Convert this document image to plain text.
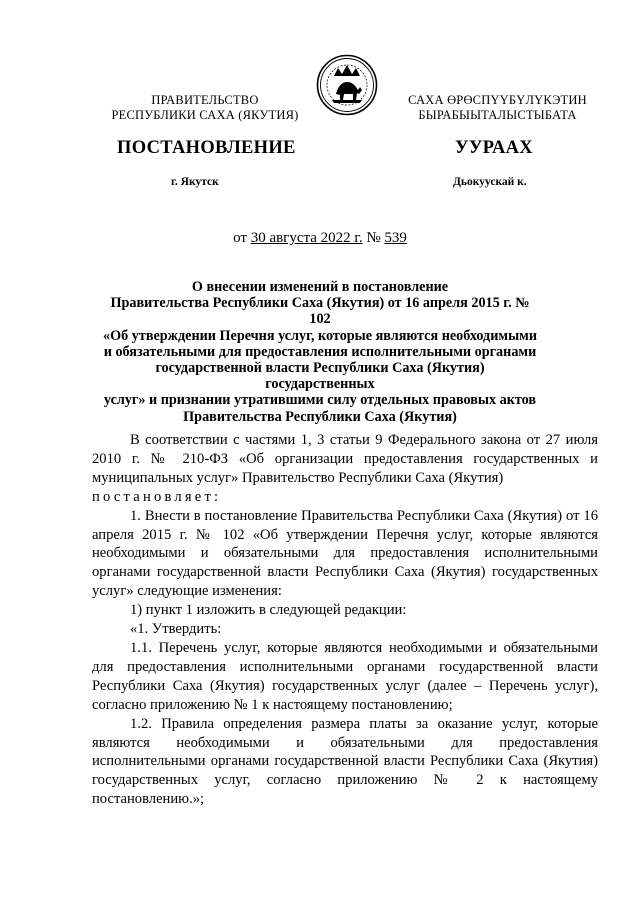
ПРАВИТЕЛЬСТВО
РЕСПУБЛИКИ САХА (ЯКУТИЯ)
САХА ӨРӨСПҮҮБҮЛҮКЭТИН
БЫРАБЫЫТАЛЫСТЫБАТА
ПОСТАНОВЛЕНИЕ	УУРААХ
г. Якутск	Дьокуускай к.
от 30 августа 2022 г. № 539
О внесении изменений в постановление
Правительства Республики Саха (Якутия) от 16 апреля 2015 г. № 102
«Об утверждении Перечня услуг, которые являются необходимыми
и обязательными для предоставления исполнительными органами
государственной власти Республики Саха (Якутия) государственных
услуг» и признании утратившими силу отдельных правовых актов
Правительства Республики Саха (Якутия)

В соответствии с частями 1, 3 статьи 9 Федерального закона от 27 июля 2010 г. № 210-ФЗ «Об организации предоставления государственных и муниципальных услуг» Правительство Республики Саха (Якутия)

постановляет:

1. Внести в постановление Правительства Республики Саха (Якутия) от 16 апреля 2015 г. № 102 «Об утверждении Перечня услуг, которые являются необходимыми и обязательными для предоставления исполнительными органами государственной власти Республики Саха (Якутия) государственных услуг» следующие изменения:

1) пункт 1 изложить в следующей редакции:

«1. Утвердить:

1.1. Перечень услуг, которые являются необходимыми и обязательными для предоставления исполнительными органами государственной власти Республики Саха (Якутия) государственных услуг (далее – Перечень услуг), согласно приложению № 1 к настоящему постановлению;

1.2. Правила определения размера платы за оказание услуг, которые являются необходимыми и обязательными для предоставления исполнительными органами государственной власти Республики Саха (Якутия) государственных услуг, согласно приложению № 2 к настоящему постановлению.»;
